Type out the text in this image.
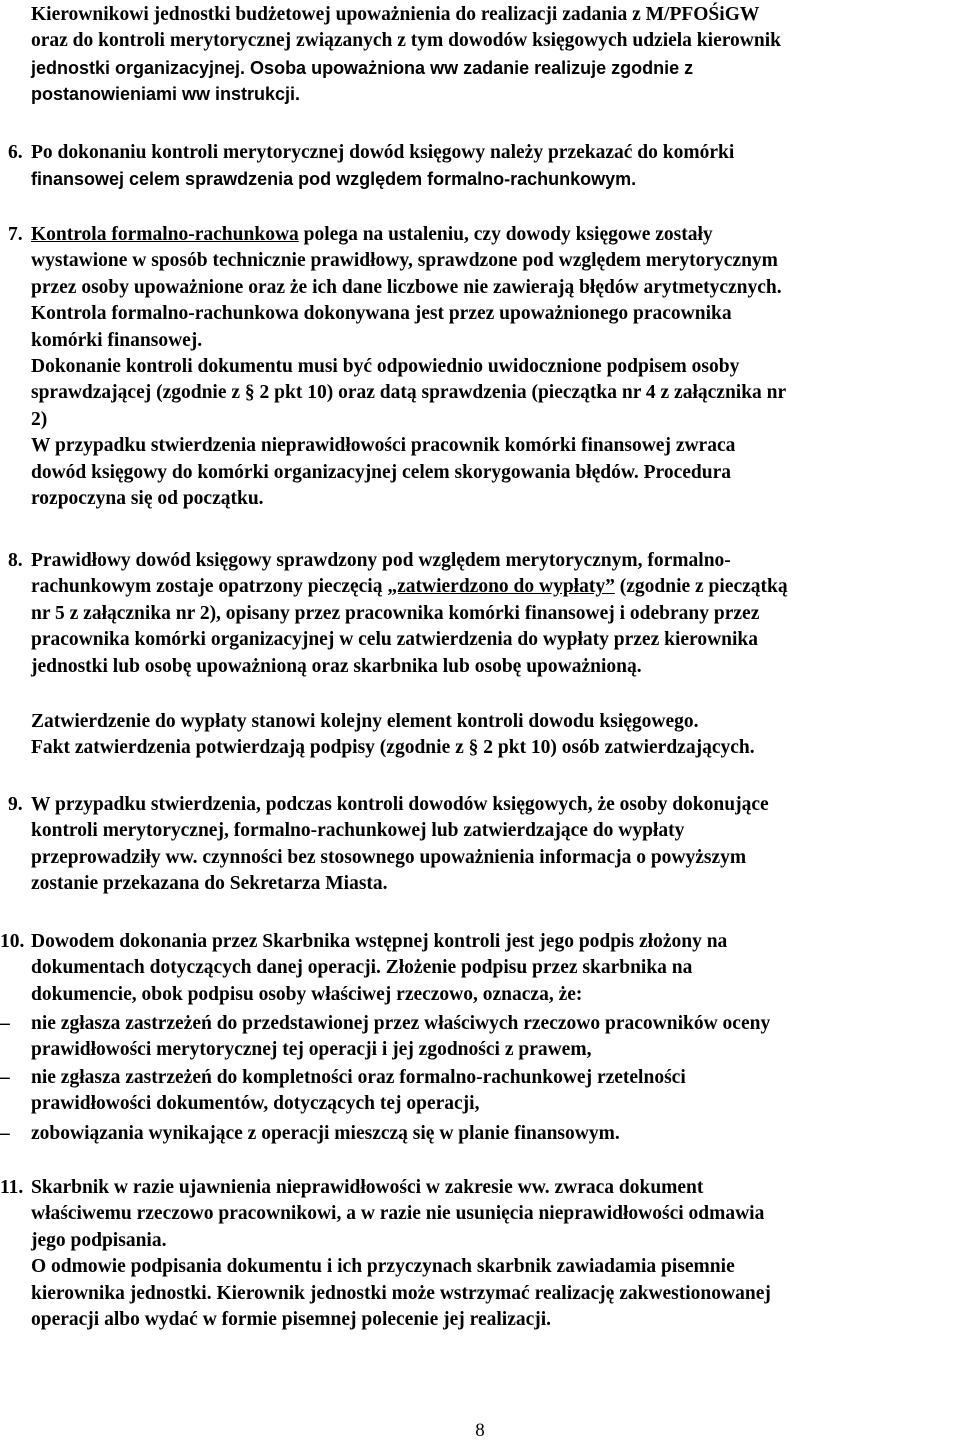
Kierownikowi jednostki budżetowej upoważnienia do realizacji zadania z M/PFOŚiGW

oraz do kontroli merytorycznej związanych z tym dowodów księgowych udziela kierownik

jednostki organizacyjnej. Osoba upoważniona ww zadanie realizuje zgodnie z

postanowieniami ww instrukcji.

6. Po dokonaniu kontroli merytorycznej dowód księgowy należy przekazać do komórki

finansowej celem sprawdzenia pod względem formalno-rachunkowym.

7. Kontrola formalno-rachunkowa polega na ustaleniu, czy dowody księgowe zostały

wystawione w sposób technicznie prawidłowy, sprawdzone pod względem merytorycznym

przez osoby upoważnione oraz że ich dane liczbowe nie zawierają błędów arytmetycznych.

Kontrola formalno-rachunkowa dokonywana jest przez upoważnionego pracownika

komórki finansowej.

Dokonanie kontroli dokumentu musi być odpowiednio uwidocznione podpisem osoby

sprawdzającej (zgodnie z § 2 pkt 10) oraz datą sprawdzenia (pieczątka nr 4 z załącznika nr

2)

W przypadku stwierdzenia nieprawidłowości pracownik komórki finansowej zwraca

dowód księgowy do komórki organizacyjnej celem skorygowania błędów. Procedura

rozpoczyna się od początku.

8. Prawidłowy dowód księgowy sprawdzony pod względem merytorycznym, formalno-

rachunkowym zostaje opatrzony pieczęcią „zatwierdzono do wypłaty” (zgodnie z pieczątką

nr 5 z załącznika nr 2), opisany przez pracownika komórki finansowej i odebrany przez

pracownika komórki organizacyjnej w celu zatwierdzenia do wypłaty przez kierownika

jednostki lub osobę upoważnioną oraz skarbnika lub osobę upoważnioną.

Zatwierdzenie do wypłaty stanowi kolejny element kontroli dowodu księgowego.

Fakt zatwierdzenia potwierdzają podpisy (zgodnie z § 2 pkt 10) osób zatwierdzających.

9. W przypadku stwierdzenia, podczas kontroli dowodów księgowych, że osoby dokonujące

kontroli merytorycznej, formalno-rachunkowej lub zatwierdzające do wypłaty

przeprowadziły ww. czynności bez stosownego upoważnienia informacja o powyższym

zostanie przekazana do Sekretarza Miasta.

10. Dowodem dokonania przez Skarbnika wstępnej kontroli jest jego podpis złożony na

dokumentach dotyczących danej operacji. Złożenie podpisu przez skarbnika na

dokumencie, obok podpisu osoby właściwej rzeczowo, oznacza, że:

– nie zgłasza zastrzeżeń do przedstawionej przez właściwych rzeczowo pracowników oceny

prawidłowości merytorycznej tej operacji i jej zgodności z prawem,

– nie zgłasza zastrzeżeń do kompletności oraz formalno-rachunkowej rzetelności

prawidłowości dokumentów, dotyczących tej operacji,

– zobowiązania wynikające z operacji mieszczą się w planie finansowym.

11. Skarbnik w razie ujawnienia nieprawidłowości w zakresie ww. zwraca dokument

właściwemu rzeczowo pracownikowi, a w razie nie usunięcia nieprawidłowości odmawia

jego podpisania.

O odmowie podpisania dokumentu i ich przyczynach skarbnik zawiadamia pisemnie

kierownika jednostki. Kierownik jednostki może wstrzymać realizację zakwestionowanej

operacji albo wydać w formie pisemnej polecenie jej realizacji.

8
